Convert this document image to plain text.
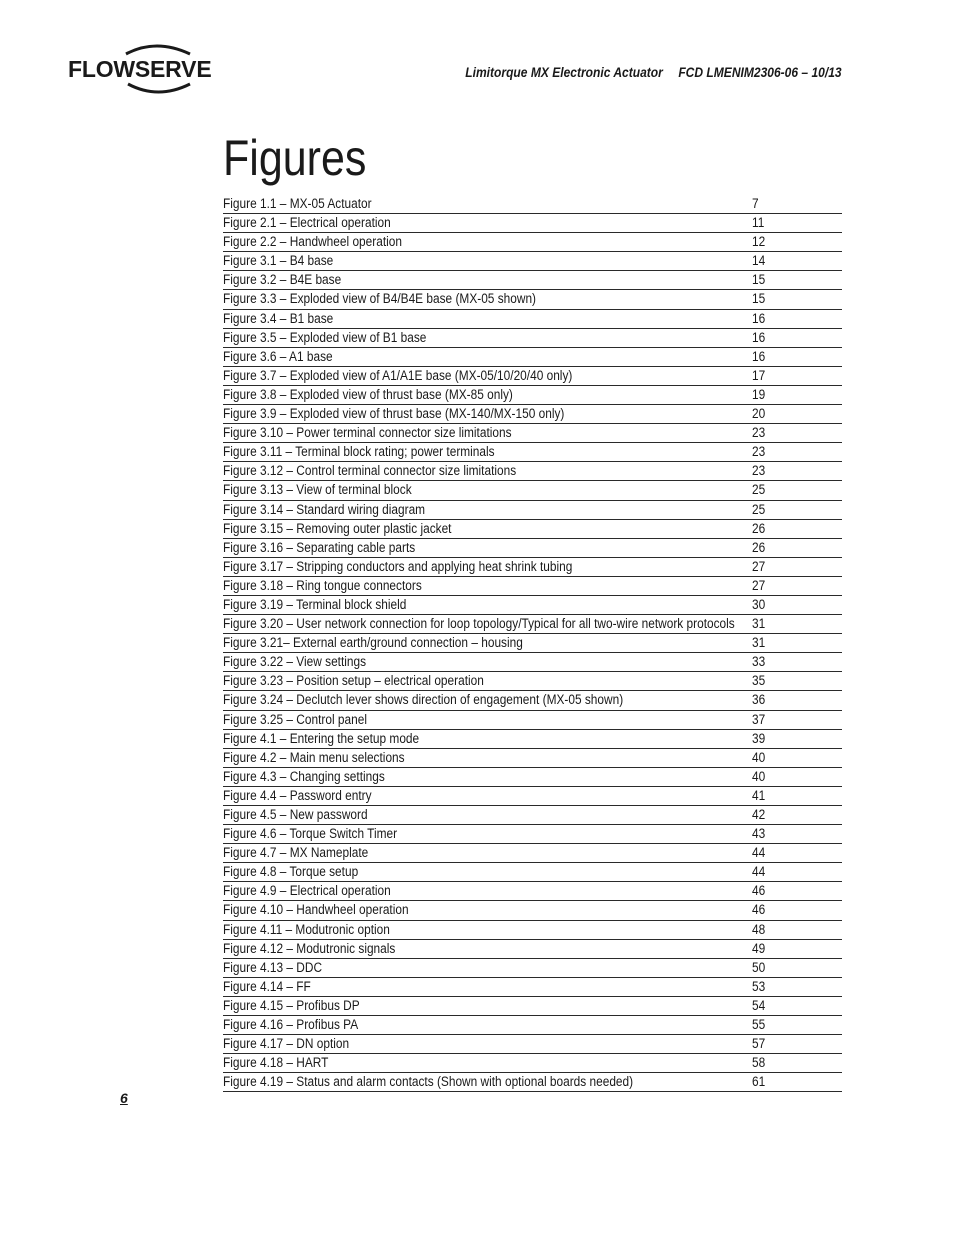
FLOWSERVE	Limitorque MX Electronic Actuator FCD LMENIM2306-06 – 10/13
Figures
Figure 1.1 – MX-05 Actuator	7
Figure 2.1 – Electrical operation	11
Figure 2.2 – Handwheel operation	12
Figure 3.1 – B4 base	14
Figure 3.2 – B4E base	15
Figure 3.3 – Exploded view of B4/B4E base (MX-05 shown)	15
Figure 3.4 – B1 base	16
Figure 3.5 – Exploded view of B1 base	16
Figure 3.6 – A1 base	16
Figure 3.7 – Exploded view of A1/A1E base (MX-05/10/20/40 only)	17
Figure 3.8 – Exploded view of thrust base (MX-85 only)	19
Figure 3.9 – Exploded view of thrust base (MX-140/MX-150 only)	20
Figure 3.10 – Power terminal connector size limitations	23
Figure 3.11 – Terminal block rating; power terminals	23
Figure 3.12 – Control terminal connector size limitations	23
Figure 3.13 – View of terminal block	25
Figure 3.14 – Standard wiring diagram	25
Figure 3.15 – Removing outer plastic jacket	26
Figure 3.16 – Separating cable parts	26
Figure 3.17 – Stripping conductors and applying heat shrink tubing	27
Figure 3.18 – Ring tongue connectors	27
Figure 3.19 – Terminal block shield	30
Figure 3.20 – User network connection for loop topology/Typical for all two-wire network protocols 31
Figure 3.21– External earth/ground connection – housing	31
Figure 3.22 – View settings	33
Figure 3.23 – Position setup – electrical operation	35
Figure 3.24 – Declutch lever shows direction of engagement (MX-05 shown)	36
Figure 3.25 – Control panel	37
Figure 4.1 – Entering the setup mode	39
Figure 4.2 – Main menu selections	40
Figure 4.3 – Changing settings	40
Figure 4.4 – Password entry	41
Figure 4.5 – New password	42
Figure 4.6 – Torque Switch Timer	43
Figure 4.7 – MX Nameplate	44
Figure 4.8 – Torque setup	44
Figure 4.9 – Electrical operation	46
Figure 4.10 – Handwheel operation	46
Figure 4.11 – Modutronic option	48
Figure 4.12 – Modutronic signals	49
Figure 4.13 – DDC	50
Figure 4.14 – FF	53
Figure 4.15 – Profibus DP	54
Figure 4.16 – Profibus PA	55
Figure 4.17 – DN option	57
Figure 4.18 – HART	58
Figure 4.19 – Status and alarm contacts (Shown with optional boards needed)	61
6
